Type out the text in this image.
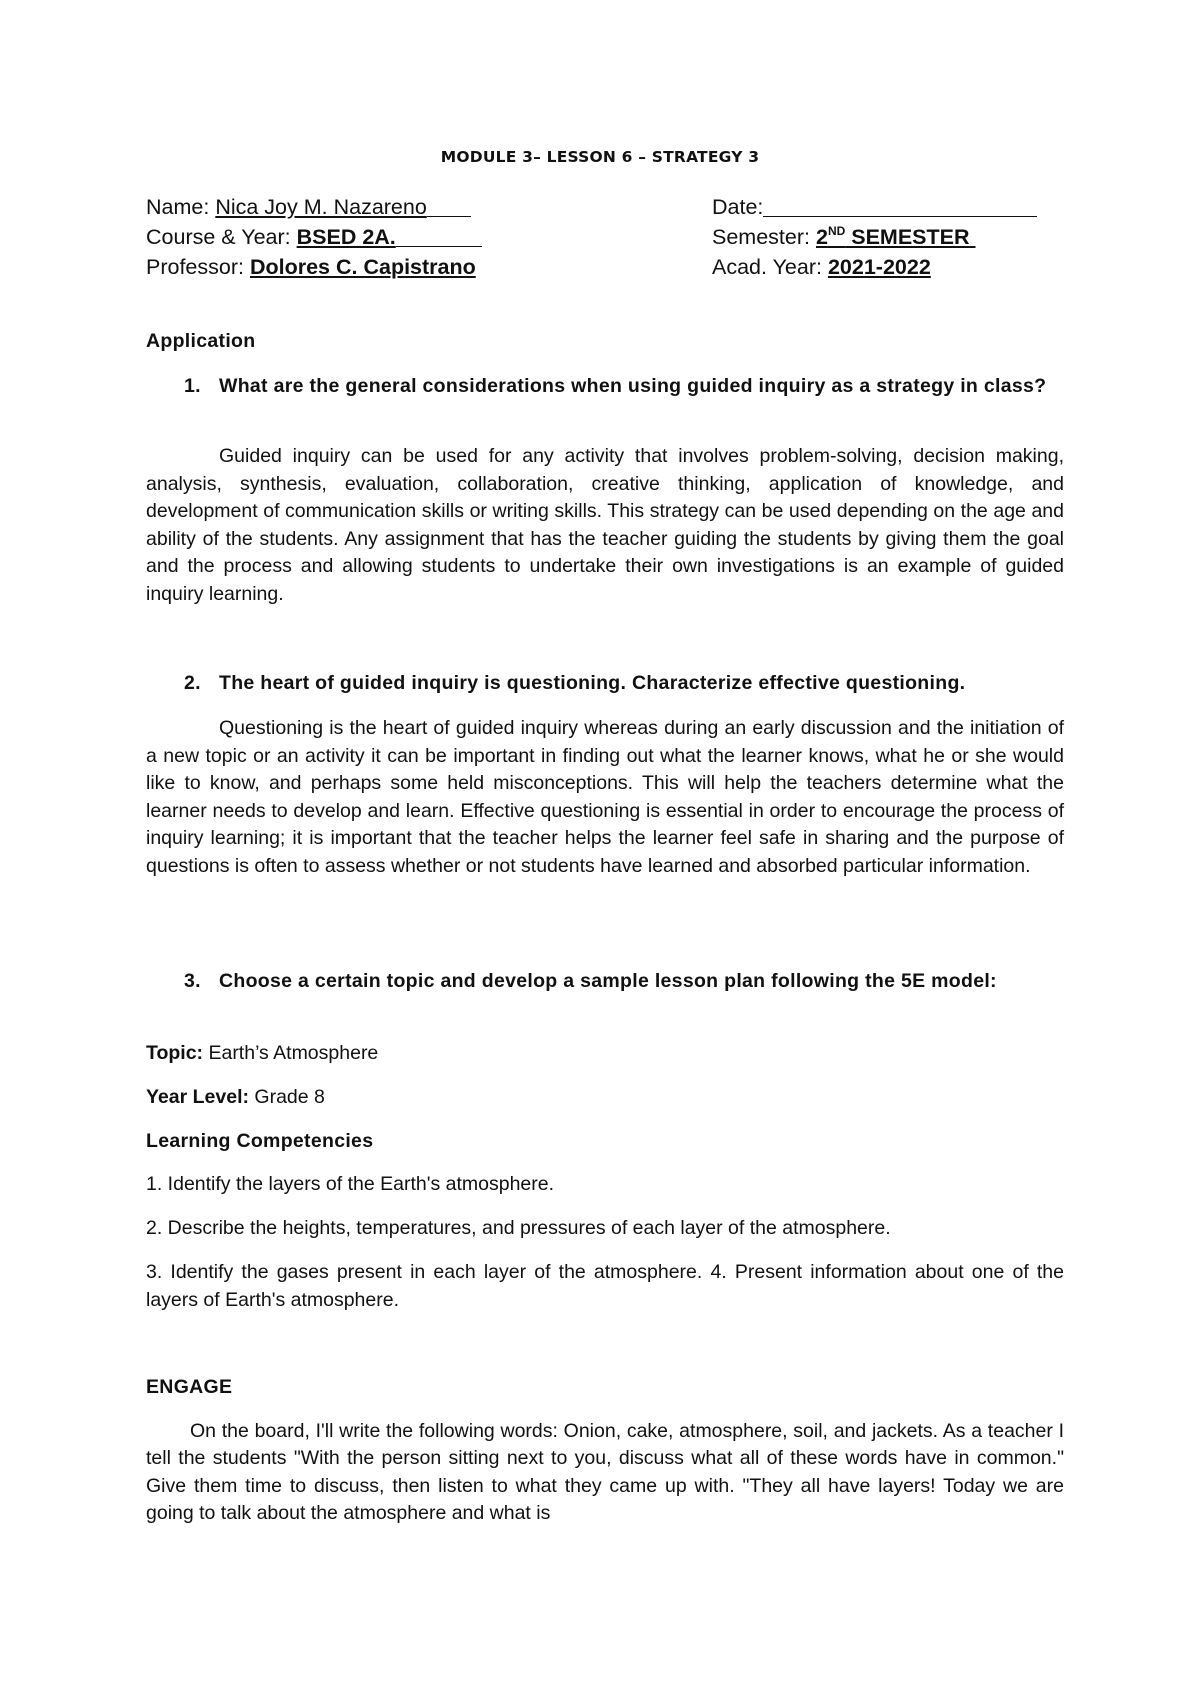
MODULE 3– LESSON 6 – STRATEGY 3
Name: Nica Joy M. Nazareno
Course & Year: BSED 2A.
Professor: Dolores C. Capistrano
Date:
Semester: 2ND SEMESTER
Acad. Year: 2021-2022
Application
1. What are the general considerations when using guided inquiry as a strategy in class?
Guided inquiry can be used for any activity that involves problem-solving, decision making, analysis, synthesis, evaluation, collaboration, creative thinking, application of knowledge, and development of communication skills or writing skills. This strategy can be used depending on the age and ability of the students. Any assignment that has the teacher guiding the students by giving them the goal and the process and allowing students to undertake their own investigations is an example of guided inquiry learning.
2. The heart of guided inquiry is questioning. Characterize effective questioning.
Questioning is the heart of guided inquiry whereas during an early discussion and the initiation of a new topic or an activity it can be important in finding out what the learner knows, what he or she would like to know, and perhaps some held misconceptions. This will help the teachers determine what the learner needs to develop and learn. Effective questioning is essential in order to encourage the process of inquiry learning; it is important that the teacher helps the learner feel safe in sharing and the purpose of questions is often to assess whether or not students have learned and absorbed particular information.
3. Choose a certain topic and develop a sample lesson plan following the 5E model:
Topic: Earth’s Atmosphere
Year Level: Grade 8
Learning Competencies
1. Identify the layers of the Earth's atmosphere.
2. Describe the heights, temperatures, and pressures of each layer of the atmosphere.
3. Identify the gases present in each layer of the atmosphere. 4. Present information about one of the layers of Earth's atmosphere.
ENGAGE
On the board, I'll write the following words: Onion, cake, atmosphere, soil, and jackets. As a teacher I tell the students "With the person sitting next to you, discuss what all of these words have in common." Give them time to discuss, then listen to what they came up with. "They all have layers! Today we are going to talk about the atmosphere and what is
